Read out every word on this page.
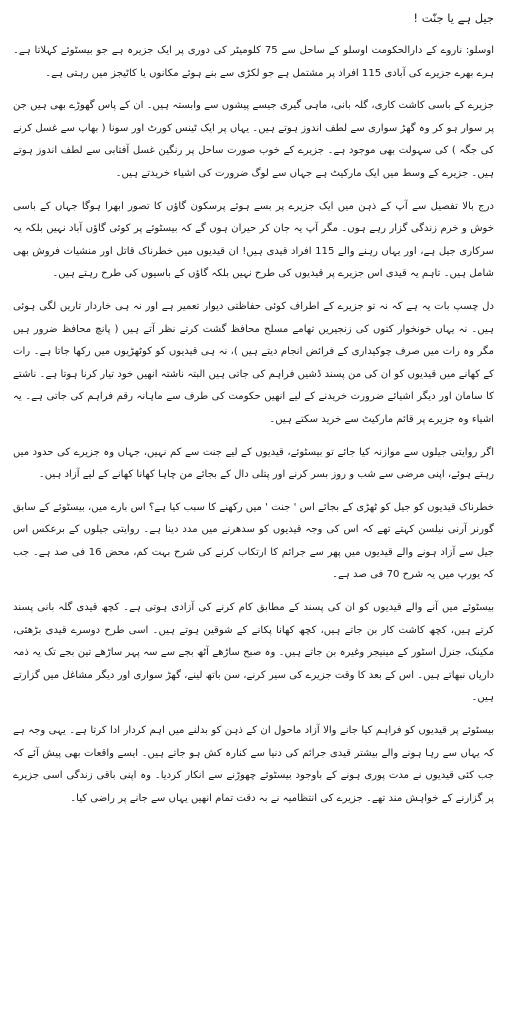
جیل ہے یا جنّت !

اوسلو: ناروے کے دارالحکومت اوسلو کے ساحل سے 75 کلومیٹر کی دوری پر ایک جزیرہ ہے جو بیسٹوئے کہلاتا ہے۔ ہرے بھرے جزیرے کی آبادی 115 افراد پر مشتمل ہے جو لکڑی سے بنے ہوئے مکانوں یا کاٹیجز میں رہتی ہے۔

جزیرے کے باسی کاشت کاری، گلہ بانی، ماہی گیری جیسے پیشوں سے وابستہ ہیں۔ ان کے پاس گھوڑے بھی ہیں جن پر سوار ہو کر وہ گھڑ سواری سے لطف اندوز ہوتے ہیں۔ یہاں پر ایک ٹینس کورٹ اور سونا ( بھاپ سے غسل کرنے کی جگہ ) کی سہولت بھی موجود ہے۔ جزیرے کے خوب صورت ساحل پر رنگین غسل آفتابی سے لطف اندوز ہوتے ہیں۔ جزیرے کے وسط میں ایک مارکیٹ ہے جہاں سے لوگ ضرورت کی اشیاء خریدتے ہیں۔

درج بالا تفصیل سے آپ کے ذہن میں ایک جزیرے پر بسے ہوئے پرسکون گاؤں کا تصور ابھرا ہوگا جہاں کے باسی خوش و خرم زندگی گزار رہے ہوں۔ مگر آپ یہ جان کر حیران ہوں گے کہ بیسٹوئے پر کوئی گاؤں آباد نہیں بلکہ یہ سرکاری جیل ہے، اور یہاں رہنے والے 115 افراد قیدی ہیں! ان قیدیوں میں خطرناک قاتل اور منشیات فروش بھی شامل ہیں۔ تاہم یہ قیدی اس جزیرے پر قیدیوں کی طرح نہیں بلکہ گاؤں کے باسیوں کی طرح رہتے ہیں۔

دل چسپ بات یہ ہے کہ نہ تو جزیرے کے اطراف کوئی حفاظتی دیوار تعمیر ہے اور نہ ہی خاردار تاریں لگی ہوئی ہیں۔ نہ یہاں خونخوار کتوں کی زنجیریں تھامے مسلح محافظ گشت کرتے نظر آتے ہیں ( پانچ محافظ ضرور ہیں مگر وہ رات میں صرف چوکیداری کے فرائض انجام دیتے ہیں )، نہ ہی قیدیوں کو کوٹھڑیوں میں رکھا جاتا ہے۔ رات کے کھانے میں قیدیوں کو ان کی من پسند ڈشیں فراہم کی جاتی ہیں البتہ ناشتہ انھیں خود تیار کرنا ہوتا ہے۔ ناشتے کا سامان اور دیگر اشیائے ضرورت خریدنے کے لیے انھیں حکومت کی طرف سے ماہانہ رقم فراہم کی جاتی ہے۔ یہ اشیاء وہ جزیرے پر قائم مارکیٹ سے خرید سکتے ہیں۔

اگر روایتی جیلوں سے موازنہ کیا جائے تو بیسٹوئے، قیدیوں کے لیے جنت سے کم نہیں، جہاں وہ جزیرے کی حدود میں رہتے ہوئے، اپنی مرضی سے شب و روز بسر کرنے اور پتلی دال کے بجائے من چاہا کھانا کھانے کے لیے آزاد ہیں۔

خطرناک قیدیوں کو جیل کو ٹھڑی کے بجائے اس ' جنت ' میں رکھنے کا سبب کیا ہے؟ اس بارے میں، بیسٹوئے کے سابق گورنر آرنی نیلسن کہتے تھے کہ اس کی وجہ قیدیوں کو سدھرنے میں مدد دینا ہے۔ روایتی جیلوں کے برعکس اس جیل سے آزاد ہونے والے قیدیوں میں پھر سے جرائم کا ارتکاب کرنے کی شرح بہت کم، محض 16 فی صد ہے۔ جب کہ یورپ میں یہ شرح 70 فی صد ہے۔

بیسٹوئے میں آنے والے قیدیوں کو ان کی پسند کے مطابق کام کرنے کی آزادی ہوتی ہے۔ کچھ قیدی گلہ بانی پسند کرتے ہیں، کچھ کاشت کار بن جاتے ہیں، کچھ کھانا پکانے کے شوقین ہوتے ہیں۔ اسی طرح دوسرے قیدی بڑھئی، مکینک، جنرل اسٹور کے مینیجر وغیرہ بن جاتے ہیں۔ وہ صبح ساڑھے آٹھ بجے سے سہ پہر ساڑھے تین بجے تک یہ ذمہ داریاں نبھاتے ہیں۔ اس کے بعد کا وقت جزیرے کی سیر کرنے، سن باتھ لینے، گھڑ سواری اور دیگر مشاغل میں گزارتے ہیں۔

بیسٹوئے پر قیدیوں کو فراہم کیا جانے والا آزاد ماحول ان کے ذہن کو بدلنے میں اہم کردار ادا کرتا ہے۔ یہی وجہ ہے کہ یہاں سے رہا ہونے والے بیشتر قیدی جرائم کی دنیا سے کنارہ کش ہو جاتے ہیں۔ ایسے واقعات بھی پیش آئے کہ جب کئی قیدیوں نے مدت پوری ہونے کے باوجود بیسٹوئے چھوڑنے سے انکار کردیا۔ وہ اپنی باقی زندگی اسی جزیرے پر گزارنے کے خواہش مند تھے۔ جزیرے کی انتظامیہ نے بہ دقت تمام انھیں یہاں سے جانے پر راضی کیا۔
